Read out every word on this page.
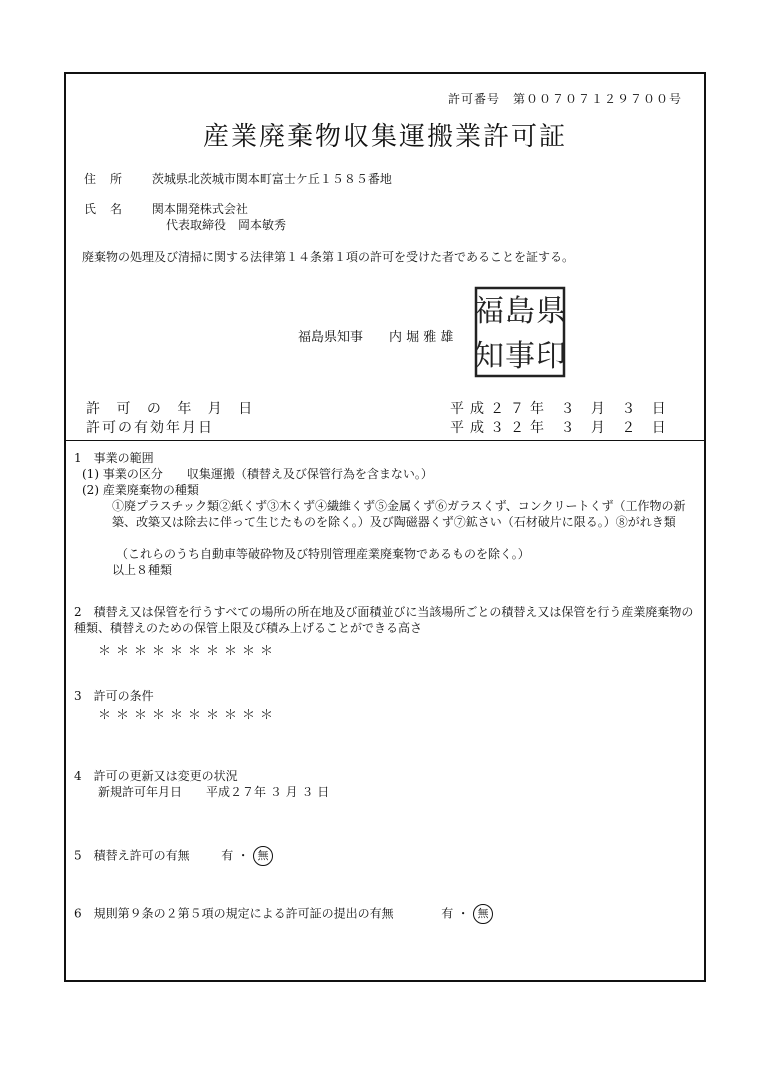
許可番号　第００７０７１２９７００号
産業廃棄物収集運搬業許可証
住所 茨城県北茨城市関本町富士ケ丘１５８５番地
氏名 関本開発株式会社
代表取締役　岡本敏秀
廃棄物の処理及び清掃に関する法律第１４条第１項の許可を受けた者であることを証する。
福島県知事　　内 堀 雅 雄
福 島 県
知 事 印
許 可 の 年 月 日	平成２７年 ３ 月 ３ 日
許可の有効年月日	平成３２年 ３ 月 ２ 日
1　事業の範囲
(1) 事業の区分　　収集運搬（積替え及び保管行為を含まない。）
(2) 産業廃棄物の種類
①廃プラスチック類②紙くず③木くず④繊維くず⑤金属くず⑥ガラスくず、コンクリートくず（工作物の新築、改築又は除去に伴って生じたものを除く。）及び陶磁器くず⑦鉱さい（石材破片に限る。）⑧がれき類
（これらのうち自動車等破砕物及び特別管理産業廃棄物であるものを除く。）
以上８種類
2　積替え又は保管を行うすべての場所の所在地及び面積並びに当該場所ごとの積替え又は保管を行う産業廃棄物の種類、積替えのための保管上限及び積み上げることができる高さ
＊＊＊＊＊＊＊＊＊＊
3　許可の条件
＊＊＊＊＊＊＊＊＊＊
4　許可の更新又は変更の状況
新規許可年月日　　平成２７年 ３ 月 ３ 日
5　積替え許可の有無	有 ・ 無
6　規則第９条の２第５項の規定による許可証の提出の有無	有 ・ 無
